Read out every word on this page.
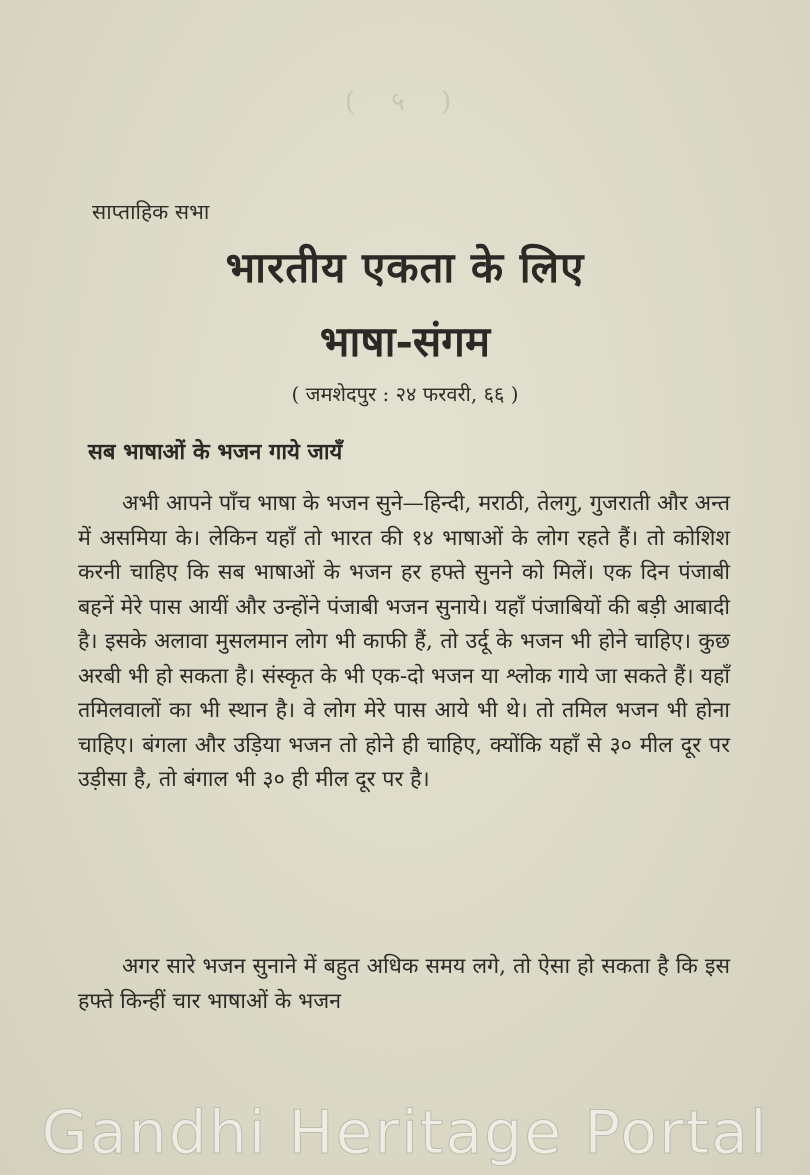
( ५ )
साप्ताहिक सभा
भारतीय एकता के लिए
भाषा-संगम
( जमशेदपुर : २४ फरवरी, ६६ )
सब भाषाओं के भजन गाये जायँ

अभी आपने पाँच भाषा के भजन सुने—हिन्दी, मराठी, तेलगु, गुजराती और अन्त में असमिया के। लेकिन यहाँ तो भारत की १४ भाषाओं के लोग रहते हैं। तो कोशिश करनी चाहिए कि सब भाषाओं के भजन हर हफ्ते सुनने को मिलें। एक दिन पंजाबी बहनें मेरे पास आयीं और उन्होंने पंजाबी भजन सुनाये। यहाँ पंजाबियों की बड़ी आबादी है। इसके अलावा मुसलमान लोग भी काफी हैं, तो उर्दू के भजन भी होने चाहिए। कुछ अरबी भी हो सकता है। संस्कृत के भी एक-दो भजन या श्लोक गाये जा सकते हैं। यहाँ तमिलवालों का भी स्थान है। वे लोग मेरे पास आये भी थे। तो तमिल भजन भी होना चाहिए। बंगला और उड़िया भजन तो होने ही चाहिए, क्योंकि यहाँ से ३० मील दूर पर उड़ीसा है, तो बंगाल भी ३० ही मील दूर पर है।

अगर सारे भजन सुनाने में बहुत अधिक समय लगे, तो ऐसा हो सकता है कि इस हफ्ते किन्हीं चार भाषाओं के भजन

Gandhi Heritage Portal
